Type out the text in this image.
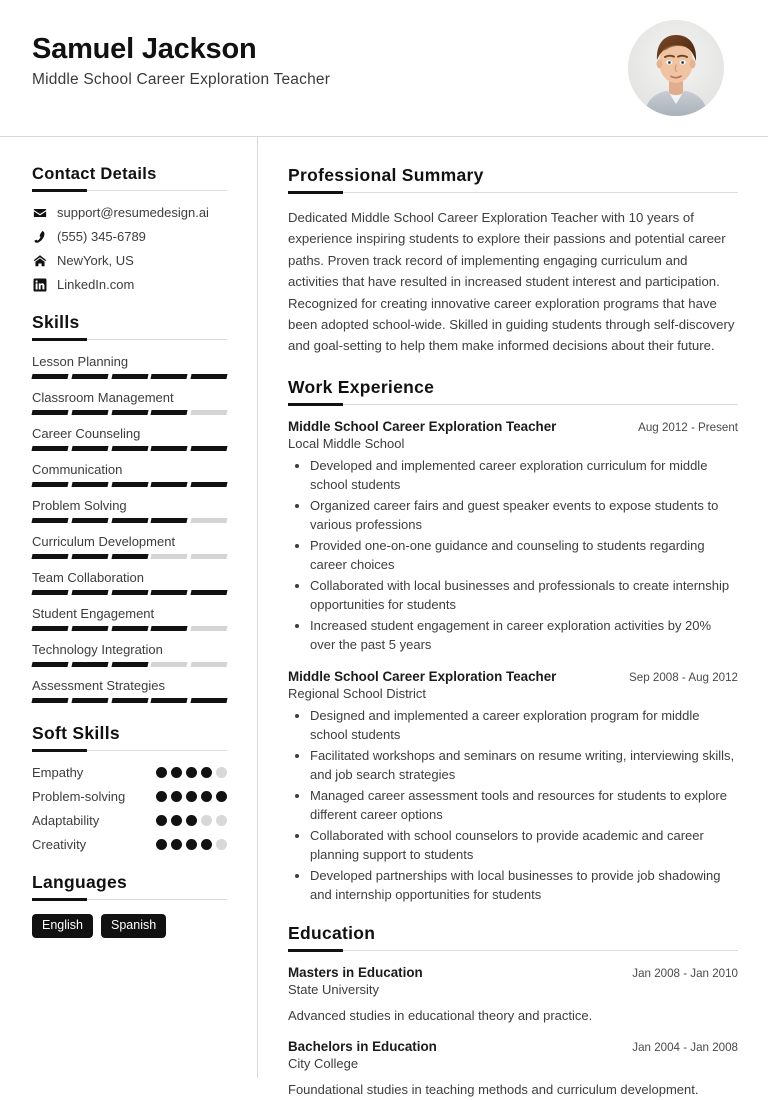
Samuel Jackson
Middle School Career Exploration Teacher
Contact Details
support@resumedesign.ai
(555) 345-6789
NewYork, US
LinkedIn.com
Skills
Lesson Planning
Classroom Management
Career Counseling
Communication
Problem Solving
Curriculum Development
Team Collaboration
Student Engagement
Technology Integration
Assessment Strategies
Soft Skills
Empathy
Problem-solving
Adaptability
Creativity
Languages
English	Spanish
Professional Summary

Dedicated Middle School Career Exploration Teacher with 10 years of experience inspiring students to explore their passions and potential career paths. Proven track record of implementing engaging curriculum and activities that have resulted in increased student interest and participation. Recognized for creating innovative career exploration programs that have been adopted school-wide. Skilled in guiding students through self-discovery and goal-setting to help them make informed decisions about their future.

Work Experience
Middle School Career Exploration Teacher	Aug 2012 - Present
Local Middle School
• Developed and implemented career exploration curriculum for middle school students
• Organized career fairs and guest speaker events to expose students to various professions
• Provided one-on-one guidance and counseling to students regarding career choices
• Collaborated with local businesses and professionals to create internship opportunities for students
• Increased student engagement in career exploration activities by 20% over the past 5 years
Middle School Career Exploration Teacher	Sep 2008 - Aug 2012
Regional School District
• Designed and implemented a career exploration program for middle school students
• Facilitated workshops and seminars on resume writing, interviewing skills, and job search strategies
• Managed career assessment tools and resources for students to explore different career options
• Collaborated with school counselors to provide academic and career planning support to students
• Developed partnerships with local businesses to provide job shadowing and internship opportunities for students
Education
Masters in Education	Jan 2008 - Jan 2010
State University
Advanced studies in educational theory and practice.
Bachelors in Education	Jan 2004 - Jan 2008
City College
Foundational studies in teaching methods and curriculum development.
